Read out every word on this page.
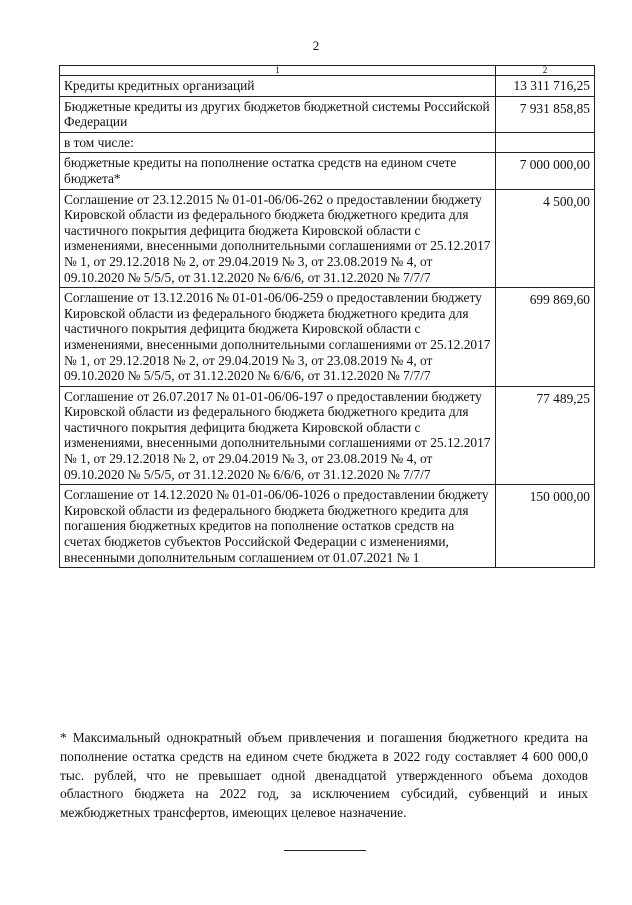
2
1	2
Кредиты кредитных организаций	13 311 716,25
Бюджетные кредиты из других бюджетов бюджетной системы Российской Федерации	7 931 858,85
в том числе:	
бюджетные кредиты на пополнение остатка средств на едином счете бюджета*	7 000 000,00
Соглашение от 23.12.2015 № 01-01-06/06-262 о предоставлении бюджету Кировской области из федерального бюджета бюджетного кредита для частичного покрытия дефицита бюджета Кировской области с изменениями, внесенными дополнительными соглашениями от 25.12.2017 № 1, от 29.12.2018 № 2, от 29.04.2019 № 3, от 23.08.2019 № 4, от 09.10.2020 № 5/5/5, от 31.12.2020 № 6/6/6, от 31.12.2020 № 7/7/7	4 500,00
Соглашение от 13.12.2016 № 01-01-06/06-259 о предоставлении бюджету Кировской области из федерального бюджета бюджетного кредита для частичного покрытия дефицита бюджета Кировской области с изменениями, внесенными дополнительными соглашениями от 25.12.2017 № 1, от 29.12.2018 № 2, от 29.04.2019 № 3, от 23.08.2019 № 4, от 09.10.2020 № 5/5/5, от 31.12.2020 № 6/6/6, от 31.12.2020 № 7/7/7	699 869,60
Соглашение от 26.07.2017 № 01-01-06/06-197 о предоставлении бюджету Кировской области из федерального бюджета бюджетного кредита для частичного покрытия дефицита бюджета Кировской области с изменениями, внесенными дополнительными соглашениями от 25.12.2017 № 1, от 29.12.2018 № 2, от 29.04.2019 № 3, от 23.08.2019 № 4, от 09.10.2020 № 5/5/5, от 31.12.2020 № 6/6/6, от 31.12.2020 № 7/7/7	77 489,25
Соглашение от 14.12.2020 № 01-01-06/06-1026 о предоставлении бюджету Кировской области из федерального бюджета бюджетного кредита для погашения бюджетных кредитов на пополнение остатков средств на счетах бюджетов субъектов Российской Федерации с изменениями, внесенными дополнительным соглашением от 01.07.2021 № 1	150 000,00

* Максимальный однократный объем привлечения и погашения бюджетного кредита на пополнение остатка средств на едином счете бюджета в 2022 году составляет 4 600 000,0 тыс. рублей, что не превышает одной двенадцатой утвержденного объема доходов областного бюджета на 2022 год, за исключением субсидий, субвенций и иных межбюджетных трансфертов, имеющих целевое назначение.
